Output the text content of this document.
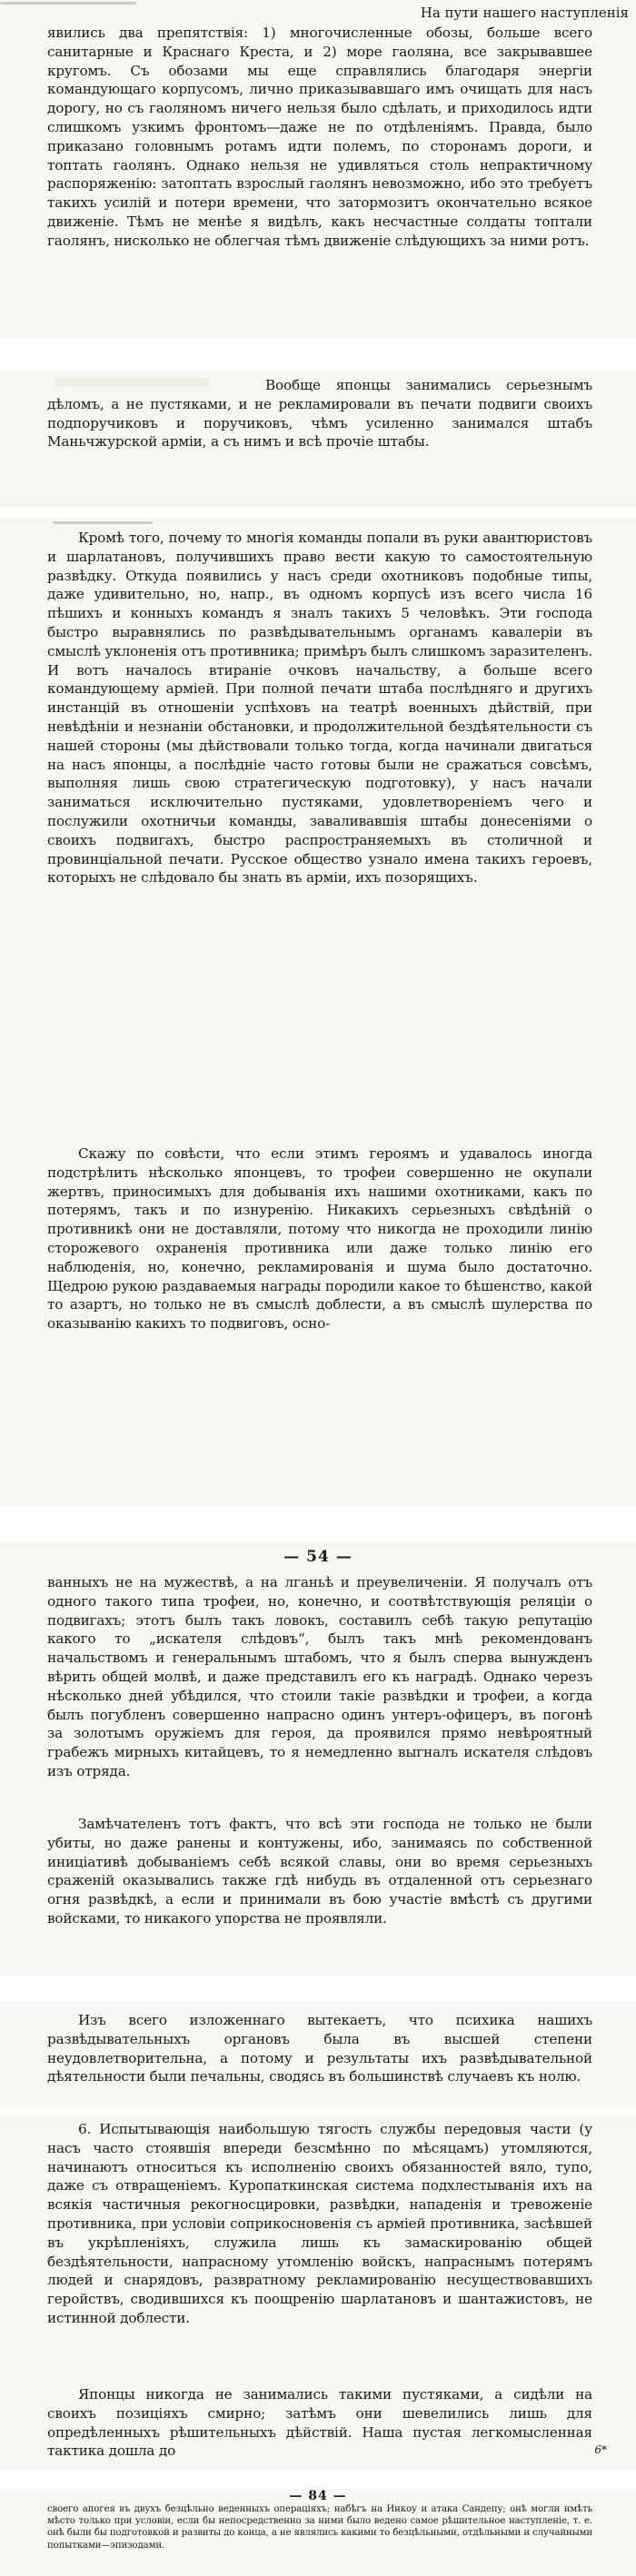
На пути нашего наступленія

явились два препятствія: 1) многочисленные обозы, больше всего санитарные и Краснаго Креста, и 2) море гаоляна, все закрывавшее кругомъ. Съ обозами мы еще справлялись благодаря энергіи командующаго корпусомъ, лично приказывавшаго имъ очищать для насъ дорогу, но съ гаоляномъ ничего нельзя было сдѣлать, и приходилось идти слишкомъ узкимъ фронтомъ—даже не по отдѣленіямъ. Правда, было приказано головнымъ ротамъ идти полемъ, по сторонамъ дороги, и топтать гаолянъ. Однако нельзя не удивляться столь непрактичному распоряженію: затоптать взрослый гаолянъ невозможно, ибо это требуетъ такихъ усилій и потери времени, что затормозитъ окончательно всякое движеніе. Тѣмъ не менѣе я видѣлъ, какъ несчастные солдаты топтали гаолянъ, нисколько не облегчая тѣмъ движеніе слѣдующихъ за ними ротъ.

Вообще японцы занимались серьезнымъ дѣломъ, а не пустяками, и не рекламировали въ печати подвиги своихъ подпоручиковъ и поручиковъ, чѣмъ усиленно занимался штабъ Маньчжурской арміи, а съ нимъ и всѣ прочіе штабы.

Кромѣ того, почему то многія команды попали въ руки авантюристовъ и шарлатановъ, получившихъ право вести какую то самостоятельную развѣдку. Откуда появились у насъ среди охотниковъ подобные типы, даже удивительно, но, напр., въ одномъ корпусѣ изъ всего числа 16 пѣшихъ и конныхъ командъ я зналъ такихъ 5 человѣкъ. Эти господа быстро выравнялись по развѣдывательнымъ органамъ кавалеріи въ смыслѣ уклоненія отъ противника; примѣръ былъ слишкомъ заразителенъ. И вотъ началось втираніе очковъ начальству, а больше всего командующему арміей. При полной печати штаба послѣдняго и другихъ инстанцій въ отношеніи успѣховъ на театрѣ военныхъ дѣйствій, при невѣдѣніи и незнаніи обстановки, и продолжительной бездѣятельности съ нашей стороны (мы дѣйствовали только тогда, когда начинали двигаться на насъ японцы, а послѣдніе часто готовы были не сражаться совсѣмъ, выполняя лишь свою стратегическую подготовку), у насъ начали заниматься исключительно пустяками, удовлетвореніемъ чего и послужили охотничьи команды, заваливавшія штабы донесеніями о своихъ подвигахъ, быстро распространяемыхъ въ столичной и провинціальной печати. Русское общество узнало имена такихъ героевъ, которыхъ не слѣдовало бы знать въ арміи, ихъ позорящихъ.

Скажу по совѣсти, что если этимъ героямъ и удавалось иногда подстрѣлить нѣсколько японцевъ, то трофеи совершенно не окупали жертвъ, приносимыхъ для добыванія ихъ нашими охотниками, какъ по потерямъ, такъ и по изнуренію. Никакихъ серьезныхъ свѣдѣній о противникѣ они не доставляли, потому что никогда не проходили линію сторожевого охраненія противника или даже только линію его наблюденія, но, конечно, рекламированія и шума было достаточно. Щедрою рукою раздаваемыя награды породили какое то бѣшенство, какой то азартъ, но только не въ смыслѣ доблести, а въ смыслѣ шулерства по оказыванію какихъ то подвиговъ, осно-

— 54 —

ванныхъ не на мужествѣ, а на лганьѣ и преувеличеніи. Я получалъ отъ одного такого типа трофеи, но, конечно, и соотвѣтствующія реляціи о подвигахъ; этотъ былъ такъ ловокъ, составилъ себѣ такую репутацію какого то „искателя слѣдовъ“, былъ такъ мнѣ рекомендованъ начальствомъ и генеральнымъ штабомъ, что я былъ сперва вынужденъ вѣрить общей молвѣ, и даже представилъ его къ наградѣ. Однако черезъ нѣсколько дней убѣдился, что стоили такіе развѣдки и трофеи, а когда былъ погубленъ совершенно напрасно одинъ унтеръ-офицеръ, въ погонѣ за золотымъ оружіемъ для героя, да проявился прямо невѣроятный грабежъ мирныхъ китайцевъ, то я немедленно выгналъ искателя слѣдовъ изъ отряда.

Замѣчателенъ тотъ фактъ, что всѣ эти господа не только не были убиты, но даже ранены и контужены, ибо, занимаясь по собственной иниціативѣ добываніемъ себѣ всякой славы, они во время серьезныхъ сраженій оказывались также гдѣ нибудь въ отдаленной отъ серьезнаго огня развѣдкѣ, а если и принимали въ бою участіе вмѣстѣ съ другими войсками, то никакого упорства не проявляли.

Изъ всего изложеннаго вытекаетъ, что психика нашихъ развѣдывательныхъ органовъ была въ высшей степени неудовлетворительна, а потому и результаты ихъ развѣдывательной дѣятельности были печальны, сводясь въ большинствѣ случаевъ къ нолю.

6. Испытывающія наибольшую тягость службы передовыя части (у насъ часто стоявшія впереди безсмѣнно по мѣсяцамъ) утомляются, начинаютъ относиться къ исполненію своихъ обязанностей вяло, тупо, даже съ отвращеніемъ. Куропаткинская система подхлестыванія ихъ на всякія частичныя рекогносцировки, развѣдки, нападенія и тревоженіе противника, при условіи соприкосновенія съ арміей противника, засѣвшей въ укрѣпленіяхъ, служила лишь къ замаскированію общей бездѣятельности, напрасному утомленію войскъ, напраснымъ потерямъ людей и снарядовъ, развратному рекламированію несуществовавшихъ геройствъ, сводившихся къ поощренію шарлатановъ и шантажистовъ, не истинной доблести.

Японцы никогда не занимались такими пустяками, а сидѣли на своихъ позиціяхъ смирно; затѣмъ они шевелились лишь для опредѣленныхъ рѣшительныхъ дѣйствій. Наша пустая легкомысленная тактика дошла до	6*
— 84 —

своего апогея въ двухъ безцѣльно веденныхъ операціяхъ; набѣгъ на Инкоу и атака Сандепу; онѣ могли имѣть мѣсто только при условіи, если бы непосредственно за ними было ведено самое рѣшительное наступленіе, т. е. онѣ были бы подготовкой и развиты до конца, а не являлись какими то безцѣльными, отдѣльными и случайными попытками—эпизодами.
